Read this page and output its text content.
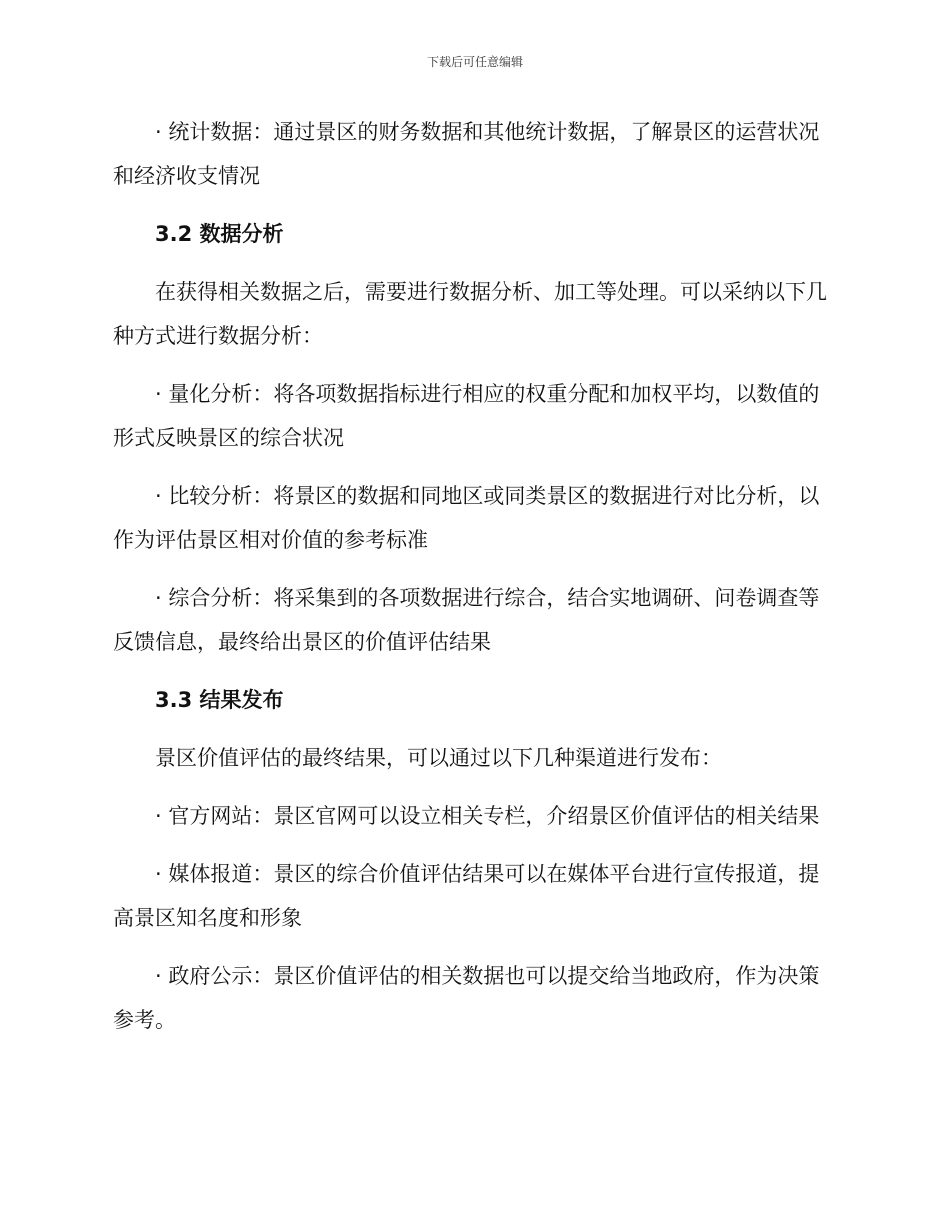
下载后可任意编辑

· 统计数据：通过景区的财务数据和其他统计数据，了解景区的运营状况和经济收支情况

3.2 数据分析

在获得相关数据之后，需要进行数据分析、加工等处理。可以采纳以下几种方式进行数据分析：

· 量化分析：将各项数据指标进行相应的权重分配和加权平均，以数值的形式反映景区的综合状况

· 比较分析：将景区的数据和同地区或同类景区的数据进行对比分析，以作为评估景区相对价值的参考标准

· 综合分析：将采集到的各项数据进行综合，结合实地调研、问卷调查等反馈信息，最终给出景区的价值评估结果

3.3 结果发布

景区价值评估的最终结果，可以通过以下几种渠道进行发布：

· 官方网站：景区官网可以设立相关专栏，介绍景区价值评估的相关结果

· 媒体报道：景区的综合价值评估结果可以在媒体平台进行宣传报道，提高景区知名度和形象

· 政府公示：景区价值评估的相关数据也可以提交给当地政府，作为决策参考。
